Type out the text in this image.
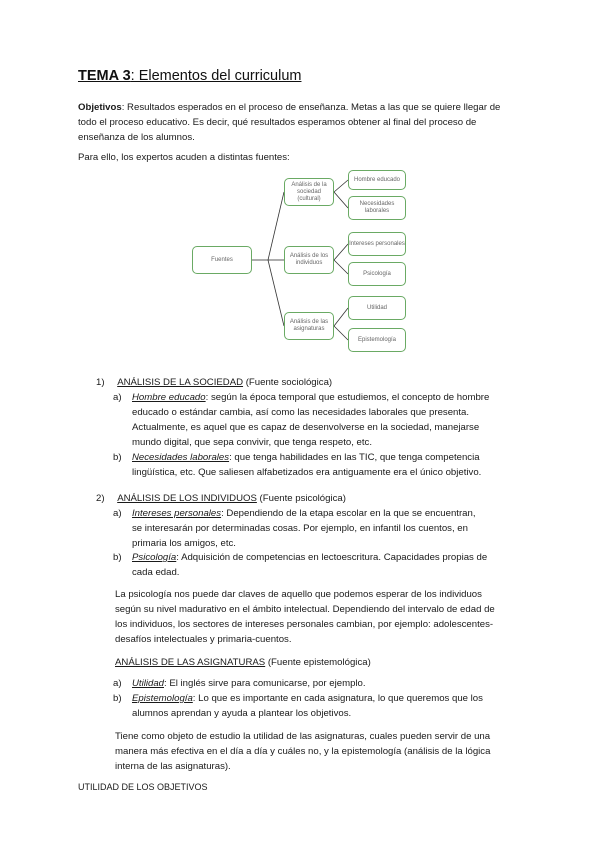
TEMA 3: Elementos del curriculum
Objetivos: Resultados esperados en el proceso de enseñanza. Metas a las que se quiere llegar de
todo el proceso educativo. Es decir, qué resultados esperamos obtener al final del proceso de
enseñanza de los alumnos.
Para ello, los expertos acuden a distintas fuentes:
Fuentes
Análisis de la sociedad (cultural)
Análisis de los individuos
Análisis de las asignaturas
Hombre educado
Necesidades laborales
Intereses personales
Psicología
Utilidad
Epistemología
1) ANÁLISIS DE LA SOCIEDAD (Fuente sociológica)
a) Hombre educado: según la época temporal que estudiemos, el concepto de hombre
educado o estándar cambia, así como las necesidades laborales que presenta.
Actualmente, es aquel que es capaz de desenvolverse en la sociedad, manejarse
mundo digital, que sepa convivir, que tenga respeto, etc.
b) Necesidades laborales: que tenga habilidades en las TIC, que tenga competencia
lingüística, etc. Que saliesen alfabetizados era antiguamente era el único objetivo.
2) ANÁLISIS DE LOS INDIVIDUOS (Fuente psicológica)
a) Intereses personales: Dependiendo de la etapa escolar en la que se encuentran,
se interesarán por determinadas cosas. Por ejemplo, en infantil los cuentos, en
primaria los amigos, etc.
b) Psicología: Adquisición de competencias en lectoescritura. Capacidades propias de
cada edad.
La psicología nos puede dar claves de aquello que podemos esperar de los individuos
según su nivel madurativo en el ámbito intelectual. Dependiendo del intervalo de edad de
los individuos, los sectores de intereses personales cambian, por ejemplo: adolescentes-
desafíos intelectuales y primaria-cuentos.
ANÁLISIS DE LAS ASIGNATURAS (Fuente epistemológica)
a) Utilidad: El inglés sirve para comunicarse, por ejemplo.
b) Epistemología: Lo que es importante en cada asignatura, lo que queremos que los
alumnos aprendan y ayuda a plantear los objetivos.
Tiene como objeto de estudio la utilidad de las asignaturas, cuales pueden servir de una
manera más efectiva en el día a día y cuáles no, y la epistemología (análisis de la lógica
interna de las asignaturas).
UTILIDAD DE LOS OBJETIVOS
